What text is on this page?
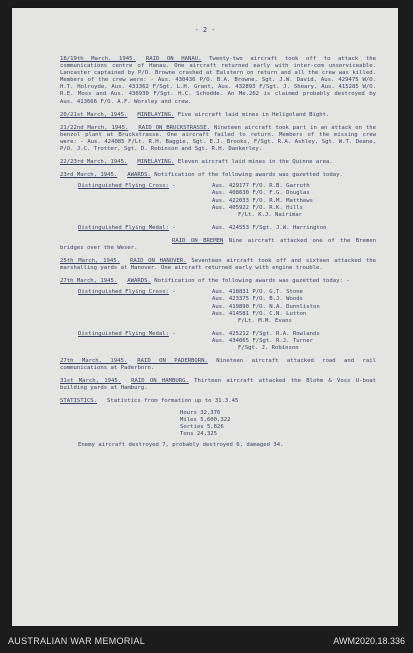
- 2 -

18/19th March, 1945. RAID ON HANAU. Twenty-two aircraft took off to attack the communications centre of Hanau. One aircraft returned early with inter-com unserviceable. Lancaster captained by P/O. Browne crashed at Ealstern on return and all the crew was killed. Members of the crew were: - Aus. 430436 P/O. B.A. Browne, Sgt. J.W. David, Aus. 429475 W/O. H.T. Holroyde, Aus. 431362 F/Sgt. L.H. Grant, Aus. 432893 F/Sgt. J. Sheary, Aus. 415285 W/O. R.E. Moss and Aus. 436930 F/Sgt. H.C. Schodde. An Me.262 is claimed probably destroyed by Aus. 413666 F/O. A.F. Worsley and crew.

20/21st March, 1945. MINELAYING. Five aircraft laid mines in Heligoland Bight.

21/22nd March, 1945. RAID ON BRUCKSTRASSE. Nineteen aircraft took part in an attack on the benzol plant at Bruckstrasse. One aircraft failed to return. Members of the missing crew were: - Aus. 424085 F/Lt. R.H. Baggie, Sgt. E.J. Brooks, F/Sgt. R.A. Ashley, Sgt. W.T. Deane, P/O. J.C. Trotter, Sgt. D. Robinson and Sgt. R.H. Dankerley.

22/23rd March, 1945. MINELAYING. Eleven aircraft laid mines in the Quinne area.

23rd March, 1945. AWARDS. Notification of the following awards was gazetted today.

Distinguished Flying Cross: -	Aus. 429177 F/O. R.B. Garruth
Aus. 408630 F/O. F.G. Douglas
Aus. 422033 F/O. R.M. Matthews
Aus. 405922 F/O. R.K. Hills
F/Lt. K.J. Nairimar
Distinguished Flying Medal: -	Aus. 424553 F/Sgt. J.W. Harrington

RAID ON BREMEN Nine aircraft attacked one of the Bremen bridges over the Weser.

25th March, 1945. RAID ON HANOVER. Seventeen aircraft took off and sixteen attacked the marshalling yards at Hanover. One aircraft returned early with engine trouble.

27th March, 1945. AWARDS. Notification of the following awards was gazetted today: -

Distinguished Flying Cross: -	Aus. 418831 P/O. G.T. Stone
Aus. 423375 F/O. B.J. Woods
Aus. 419890 F/O. N.A. Dunnliston
Aus. 414581 F/O. C.N. Lutton
F/Lt. M.M. Evans
Distinguished Flying Medal: -	Aus. 425212 F/Sgt. R.A. Rowlands
Aus. 434065 F/Sgt. R.J. Turner
F/Sgt. J. Robinson

27th March, 1945. RAID ON PADERBORN. Nineteen aircraft attacked road and rail communications at Paderborn.

31st March, 1945. RAID ON HAMBURG. Thirteen aircraft attacked the Blohm & Voss U-boat building yards at Hamburg.

STATISTICS. Statistics from formation up to 31.3.45

Hours 32,376
Miles 5,600,322
Sorties 5,826
Tons 24,325
Enemy aircraft destroyed 7, probably destroyed 6, damaged 34.
AUSTRALIAN WAR MEMORIAL	AWM2020.18.336
